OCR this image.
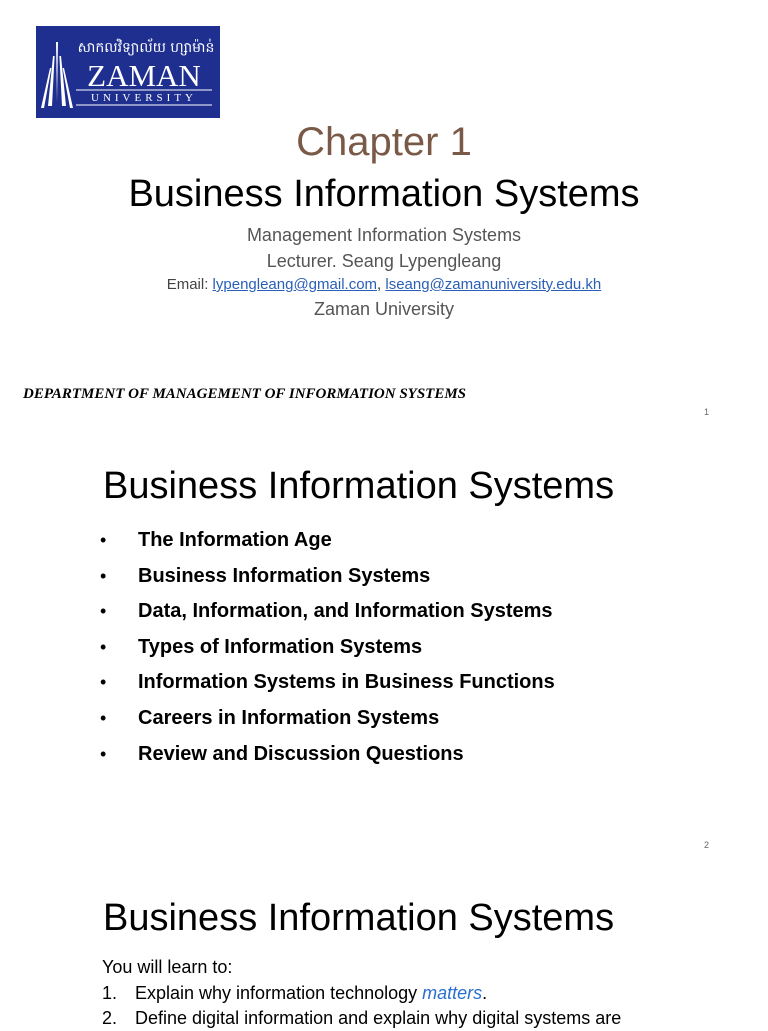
សាកលវិទ្យាល័យ ហ្សាម៉ាន់
ZAMAN
UNIVERSITY
Chapter 1
Business Information Systems
Management Information Systems
Lecturer. Seang Lypengleang
Email: lypengleang@gmail.com, lseang@zamanuniversity.edu.kh
Zaman University
DEPARTMENT OF MANAGEMENT OF INFORMATION SYSTEMS
1
Business Information Systems
• The Information Age
• Business Information Systems
• Data, Information, and Information Systems
• Types of Information Systems
• Information Systems in Business Functions
• Careers in Information Systems
• Review and Discussion Questions
2
Business Information Systems
You will learn to:
1. Explain why information technology matters.
2. Define digital information and explain why digital systems are
